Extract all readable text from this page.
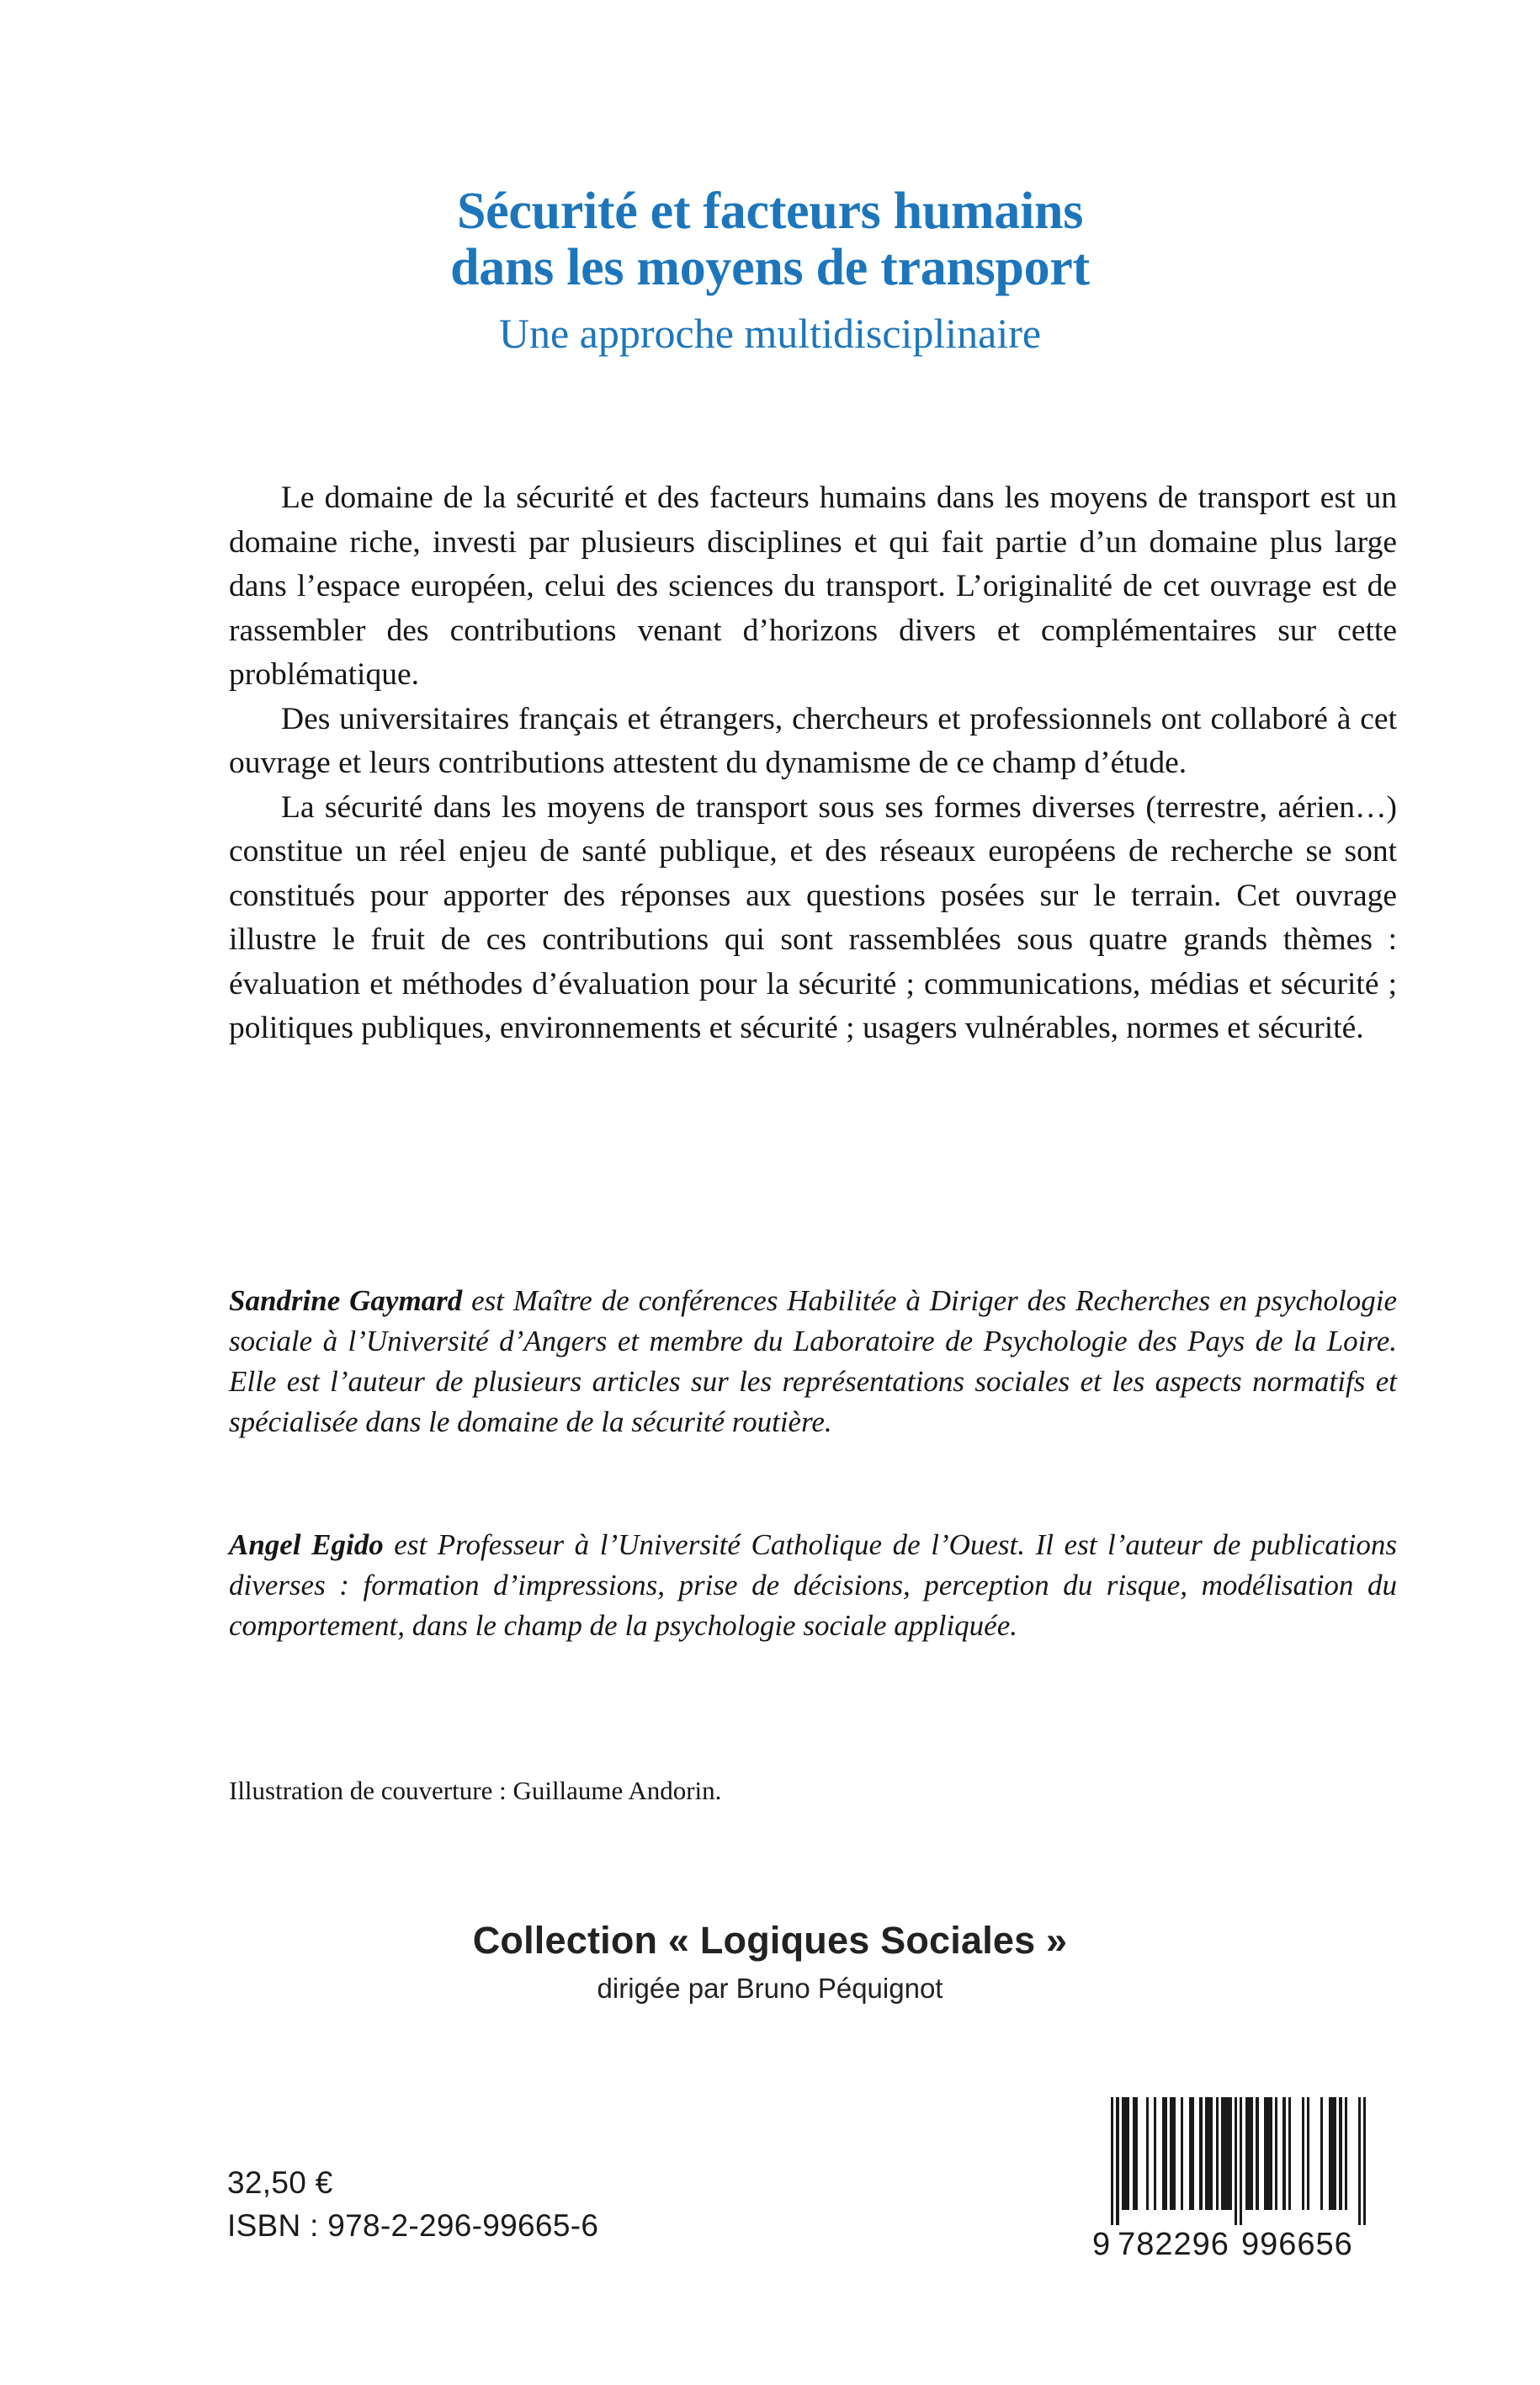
Sécurité et facteurs humains
dans les moyens de transport
Une approche multidisciplinaire

Le domaine de la sécurité et des facteurs humains dans les moyens de transport est un domaine riche, investi par plusieurs disciplines et qui fait partie d’un domaine plus large dans l’espace européen, celui des sciences du transport. L’originalité de cet ouvrage est de rassembler des contributions venant d’horizons divers et complémentaires sur cette problématique.

Des universitaires français et étrangers, chercheurs et professionnels ont collaboré à cet ouvrage et leurs contributions attestent du dynamisme de ce champ d’étude.

La sécurité dans les moyens de transport sous ses formes diverses (terrestre, aérien…) constitue un réel enjeu de santé publique, et des réseaux européens de recherche se sont constitués pour apporter des réponses aux questions posées sur le terrain. Cet ouvrage illustre le fruit de ces contributions qui sont rassemblées sous quatre grands thèmes : évaluation et méthodes d’évaluation pour la sécurité ; communications, médias et sécurité ; politiques publiques, environnements et sécurité ; usagers vulnérables, normes et sécurité.

Sandrine Gaymard est Maître de conférences Habilitée à Diriger des Recherches en psychologie sociale à l’Université d’Angers et membre du Laboratoire de Psychologie des Pays de la Loire. Elle est l’auteur de plusieurs articles sur les représentations sociales et les aspects normatifs et spécialisée dans le domaine de la sécurité routière.
Angel Egido est Professeur à l’Université Catholique de l’Ouest. Il est l’auteur de publications diverses : formation d’impressions, prise de décisions, perception du risque, modélisation du comportement, dans le champ de la psychologie sociale appliquée.
Illustration de couverture : Guillaume Andorin.
Collection « Logiques Sociales »
dirigée par Bruno Péquignot
32,50 €
ISBN : 978-2-296-99665-6
9 782296 996656
